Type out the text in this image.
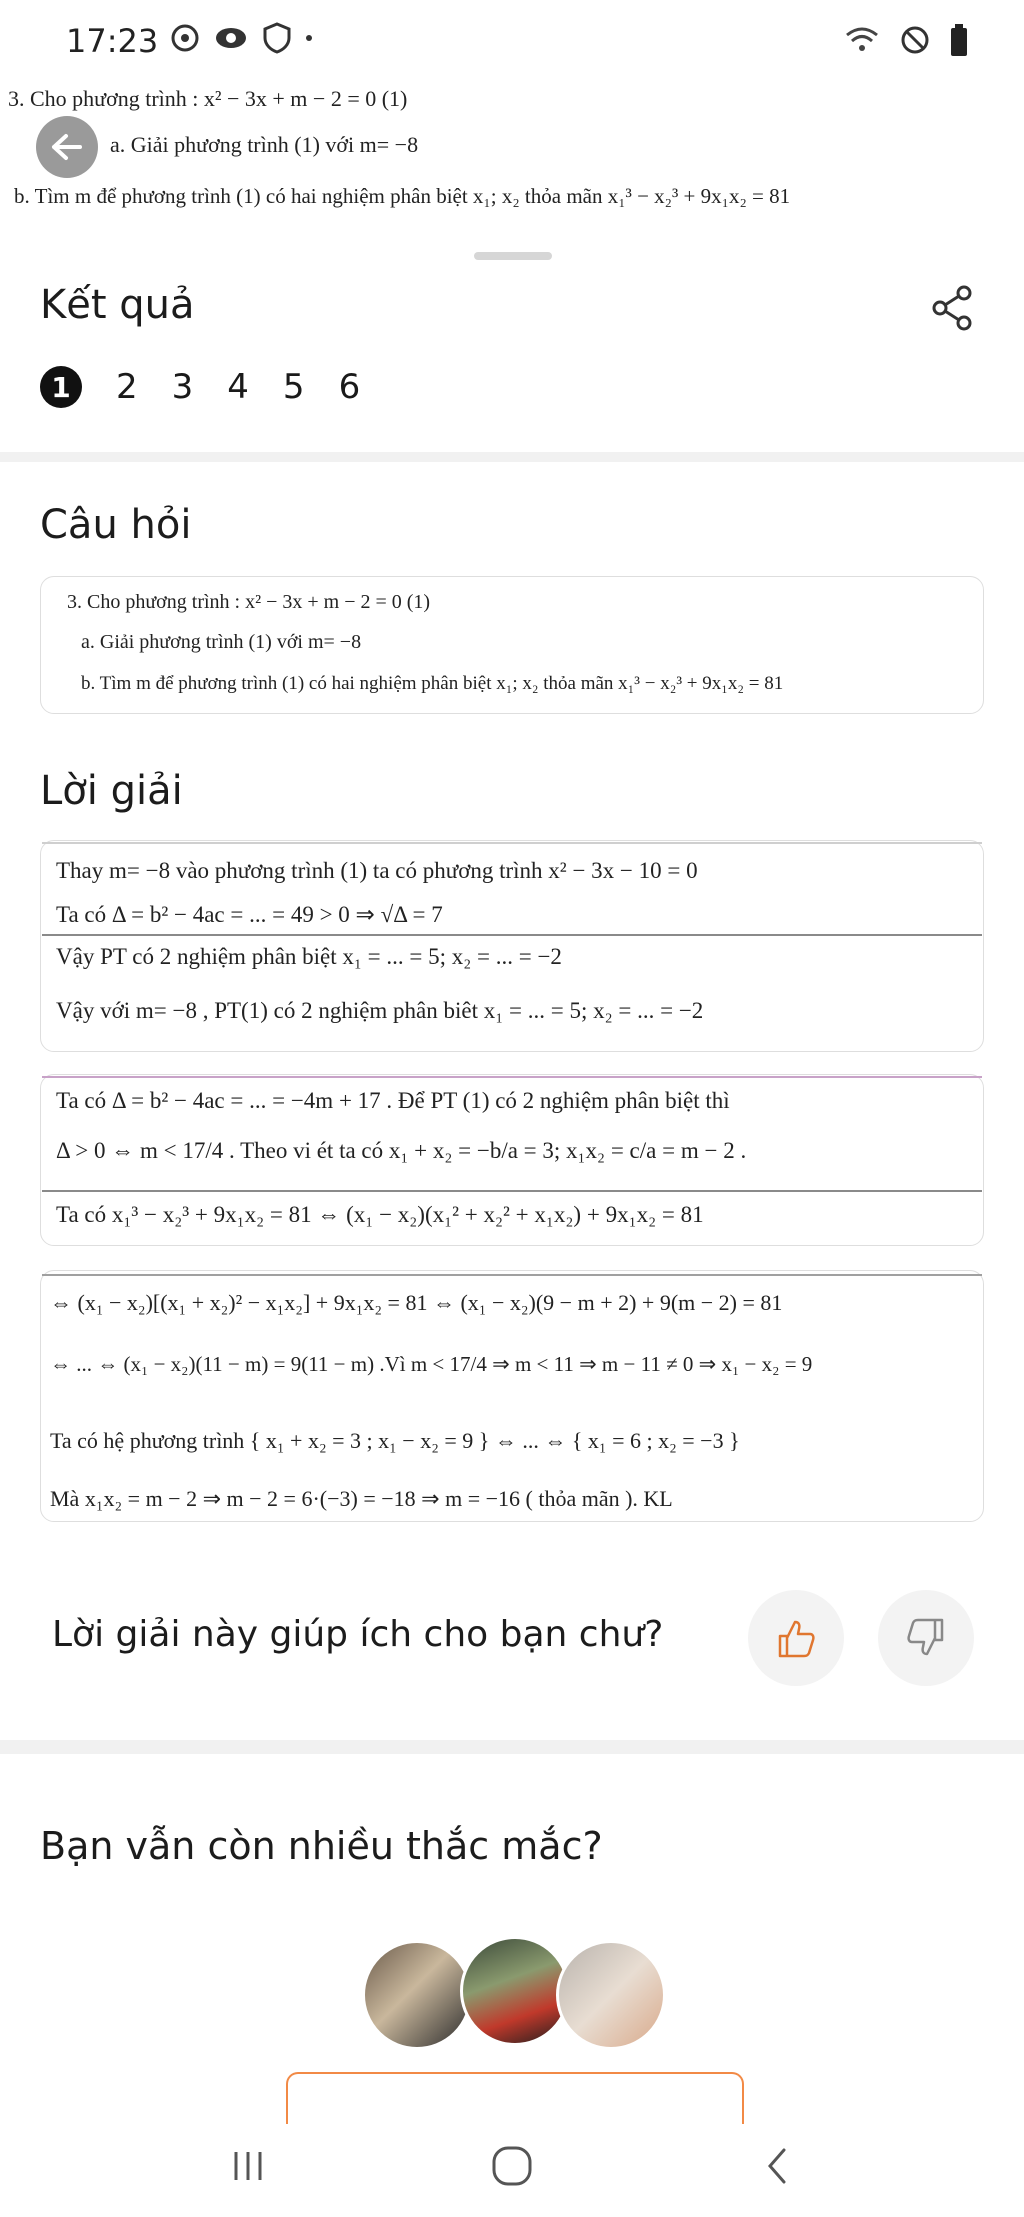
17:23
3. Cho phương trình : x² − 3x + m − 2 = 0 (1)
a. Giải phương trình (1) với m= −8
b. Tìm m để phương trình (1) có hai nghiệm phân biệt x₁; x₂ thỏa mãn x₁³ − x₂³ + 9x₁x₂ = 81
Kết quả
1	2 3 4 5 6
Câu hỏi
3. Cho phương trình : x² − 3x + m − 2 = 0 (1)
a. Giải phương trình (1) với m= −8
b. Tìm m để phương trình (1) có hai nghiệm phân biệt x₁; x₂ thỏa mãn x₁³ − x₂³ + 9x₁x₂ = 81
Lời giải
Thay m= −8 vào phương trình (1) ta có phương trình x² − 3x − 10 = 0
Ta có Δ = b² − 4ac = ... = 49 > 0 ⇒ √Δ = 7
Vậy PT có 2 nghiệm phân biệt x₁ = ... = 5; x₂ = ... = −2
Vậy với m= −8 , PT(1) có 2 nghiệm phân biêt x₁ = ... = 5; x₂ = ... = −2
Ta có Δ = b² − 4ac = ... = −4m + 17 . Để PT (1) có 2 nghiệm phân biệt thì
Δ > 0 ⇔ m < 17/4 . Theo vi ét ta có x₁ + x₂ = −b/a = 3; x₁x₂ = c/a = m − 2 .
Ta có x₁³ − x₂³ + 9x₁x₂ = 81 ⇔ (x₁ − x₂)(x₁² + x₂² + x₁x₂) + 9x₁x₂ = 81
⇔ (x₁ − x₂)[(x₁ + x₂)² − x₁x₂] + 9x₁x₂ = 81 ⇔ (x₁ − x₂)(9 − m + 2) + 9(m − 2) = 81
⇔ ... ⇔ (x₁ − x₂)(11 − m) = 9(11 − m) .Vì m < 17/4 ⇒ m < 11 ⇒ m − 11 ≠ 0 ⇒ x₁ − x₂ = 9
Ta có hệ phương trình { x₁ + x₂ = 3 ; x₁ − x₂ = 9 } ⇔ ... ⇔ { x₁ = 6 ; x₂ = −3 }
Mà x₁x₂ = m − 2 ⇒ m − 2 = 6·(−3) = −18 ⇒ m = −16 ( thỏa mãn ). KL
Lời giải này giúp ích cho bạn chư?
Bạn vẫn còn nhiều thắc mắc?
